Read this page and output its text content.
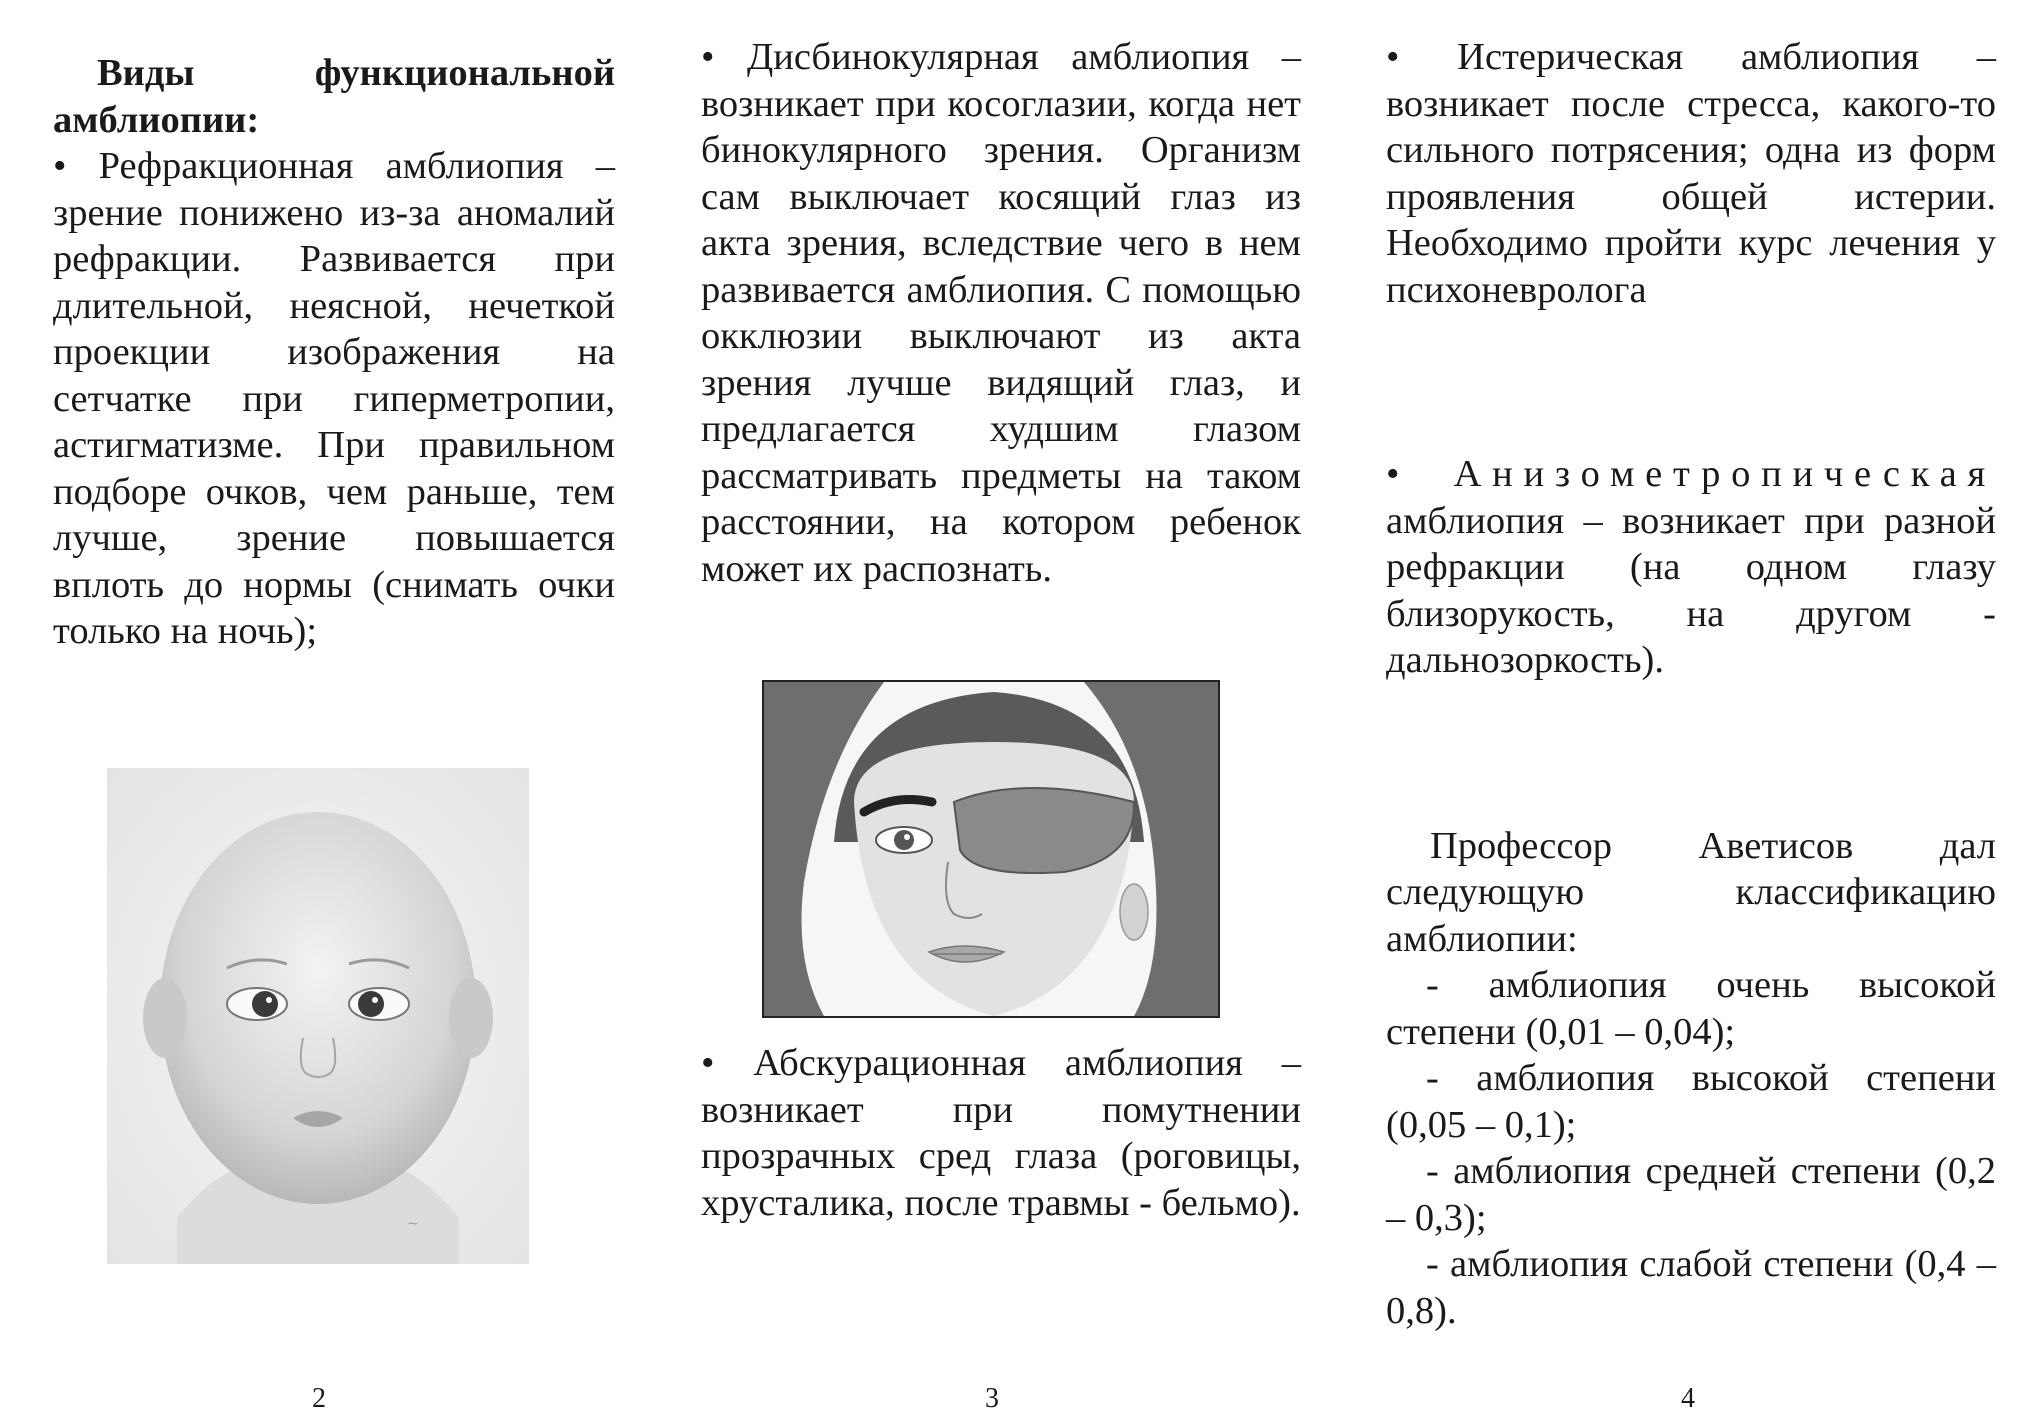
Виды функциональной амблиопии:

• Рефракционная амблиопия – зрение понижено из-за аномалий рефракции. Развивается при длительной, неясной, нечеткой проекции изображения на сетчатке при гиперметропии, астигматизме. При правильном подборе очков, чем раньше, тем лучше, зрение повышается вплоть до нормы (снимать очки только на ночь);

~

• Дисбинокулярная амблиопия – возникает при косоглазии, когда нет бинокулярного зрения. Организм сам выключает косящий глаз из акта зрения, вследствие чего в нем развивается амблиопия. С помощью окклюзии выключают из акта зрения лучше видящий глаз, и предлагается худшим глазом рассматривать предметы на таком расстоянии, на котором ребенок может их распознать.

• Абскурационная амблиопия – возникает при помутнении прозрачных сред глаза (роговицы, хрусталика, после травмы - бельмо).

• Истерическая амблиопия – возникает после стресса, какого-то сильного потрясения; одна из форм проявления общей истерии. Необходимо пройти курс лечения у психоневролога

• Анизометропическая амблиопия – возникает при разной рефракции (на одном глазу близорукость, на другом - дальнозоркость).

Профессор Аветисов дал следующую классификацию амблиопии:

- амблиопия очень высокой степени (0,01 – 0,04);

- амблиопия высокой степени (0,05 – 0,1);

- амблиопия средней степени (0,2 – 0,3);

- амблиопия слабой степени (0,4 – 0,8).

2	3	4
